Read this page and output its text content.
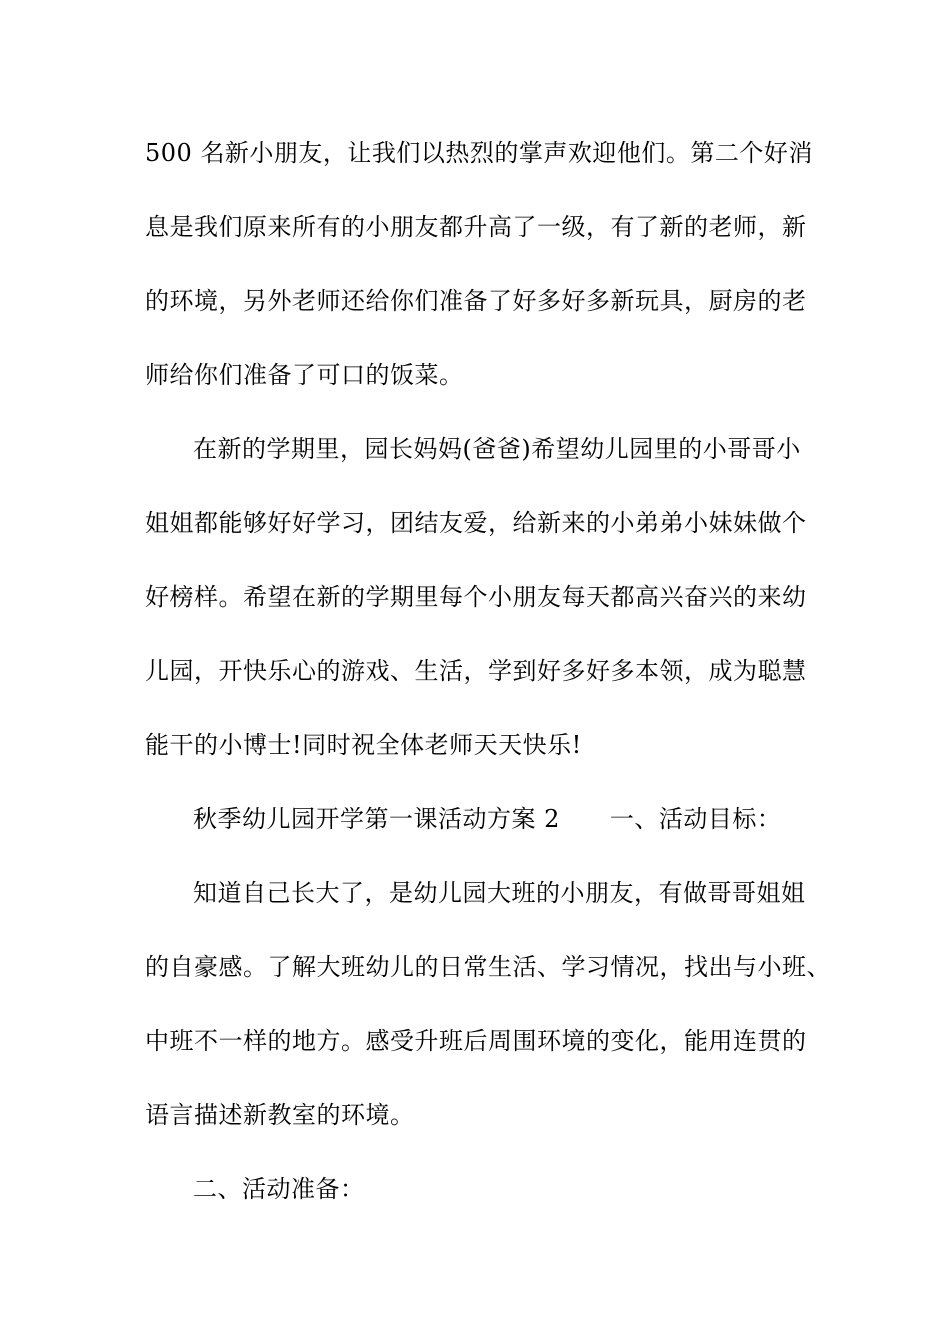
500 名新小朋友，让我们以热烈的掌声欢迎他们。第二个好消
息是我们原来所有的小朋友都升高了一级，有了新的老师，新
的环境，另外老师还给你们准备了好多好多新玩具，厨房的老
师给你们准备了可口的饭菜。
在新的学期里，园长妈妈(爸爸)希望幼儿园里的小哥哥小
姐姐都能够好好学习，团结友爱，给新来的小弟弟小妹妹做个
好榜样。希望在新的学期里每个小朋友每天都高兴奋兴的来幼
儿园，开快乐心的游戏、生活，学到好多好多本领，成为聪慧
能干的小博士!同时祝全体老师天天快乐!
秋季幼儿园开学第一课活动方案 2 一、活动目标：
知道自己长大了，是幼儿园大班的小朋友，有做哥哥姐姐
的自豪感。了解大班幼儿的日常生活、学习情况，找出与小班、
中班不一样的地方。感受升班后周围环境的变化，能用连贯的
语言描述新教室的环境。
二、活动准备：
